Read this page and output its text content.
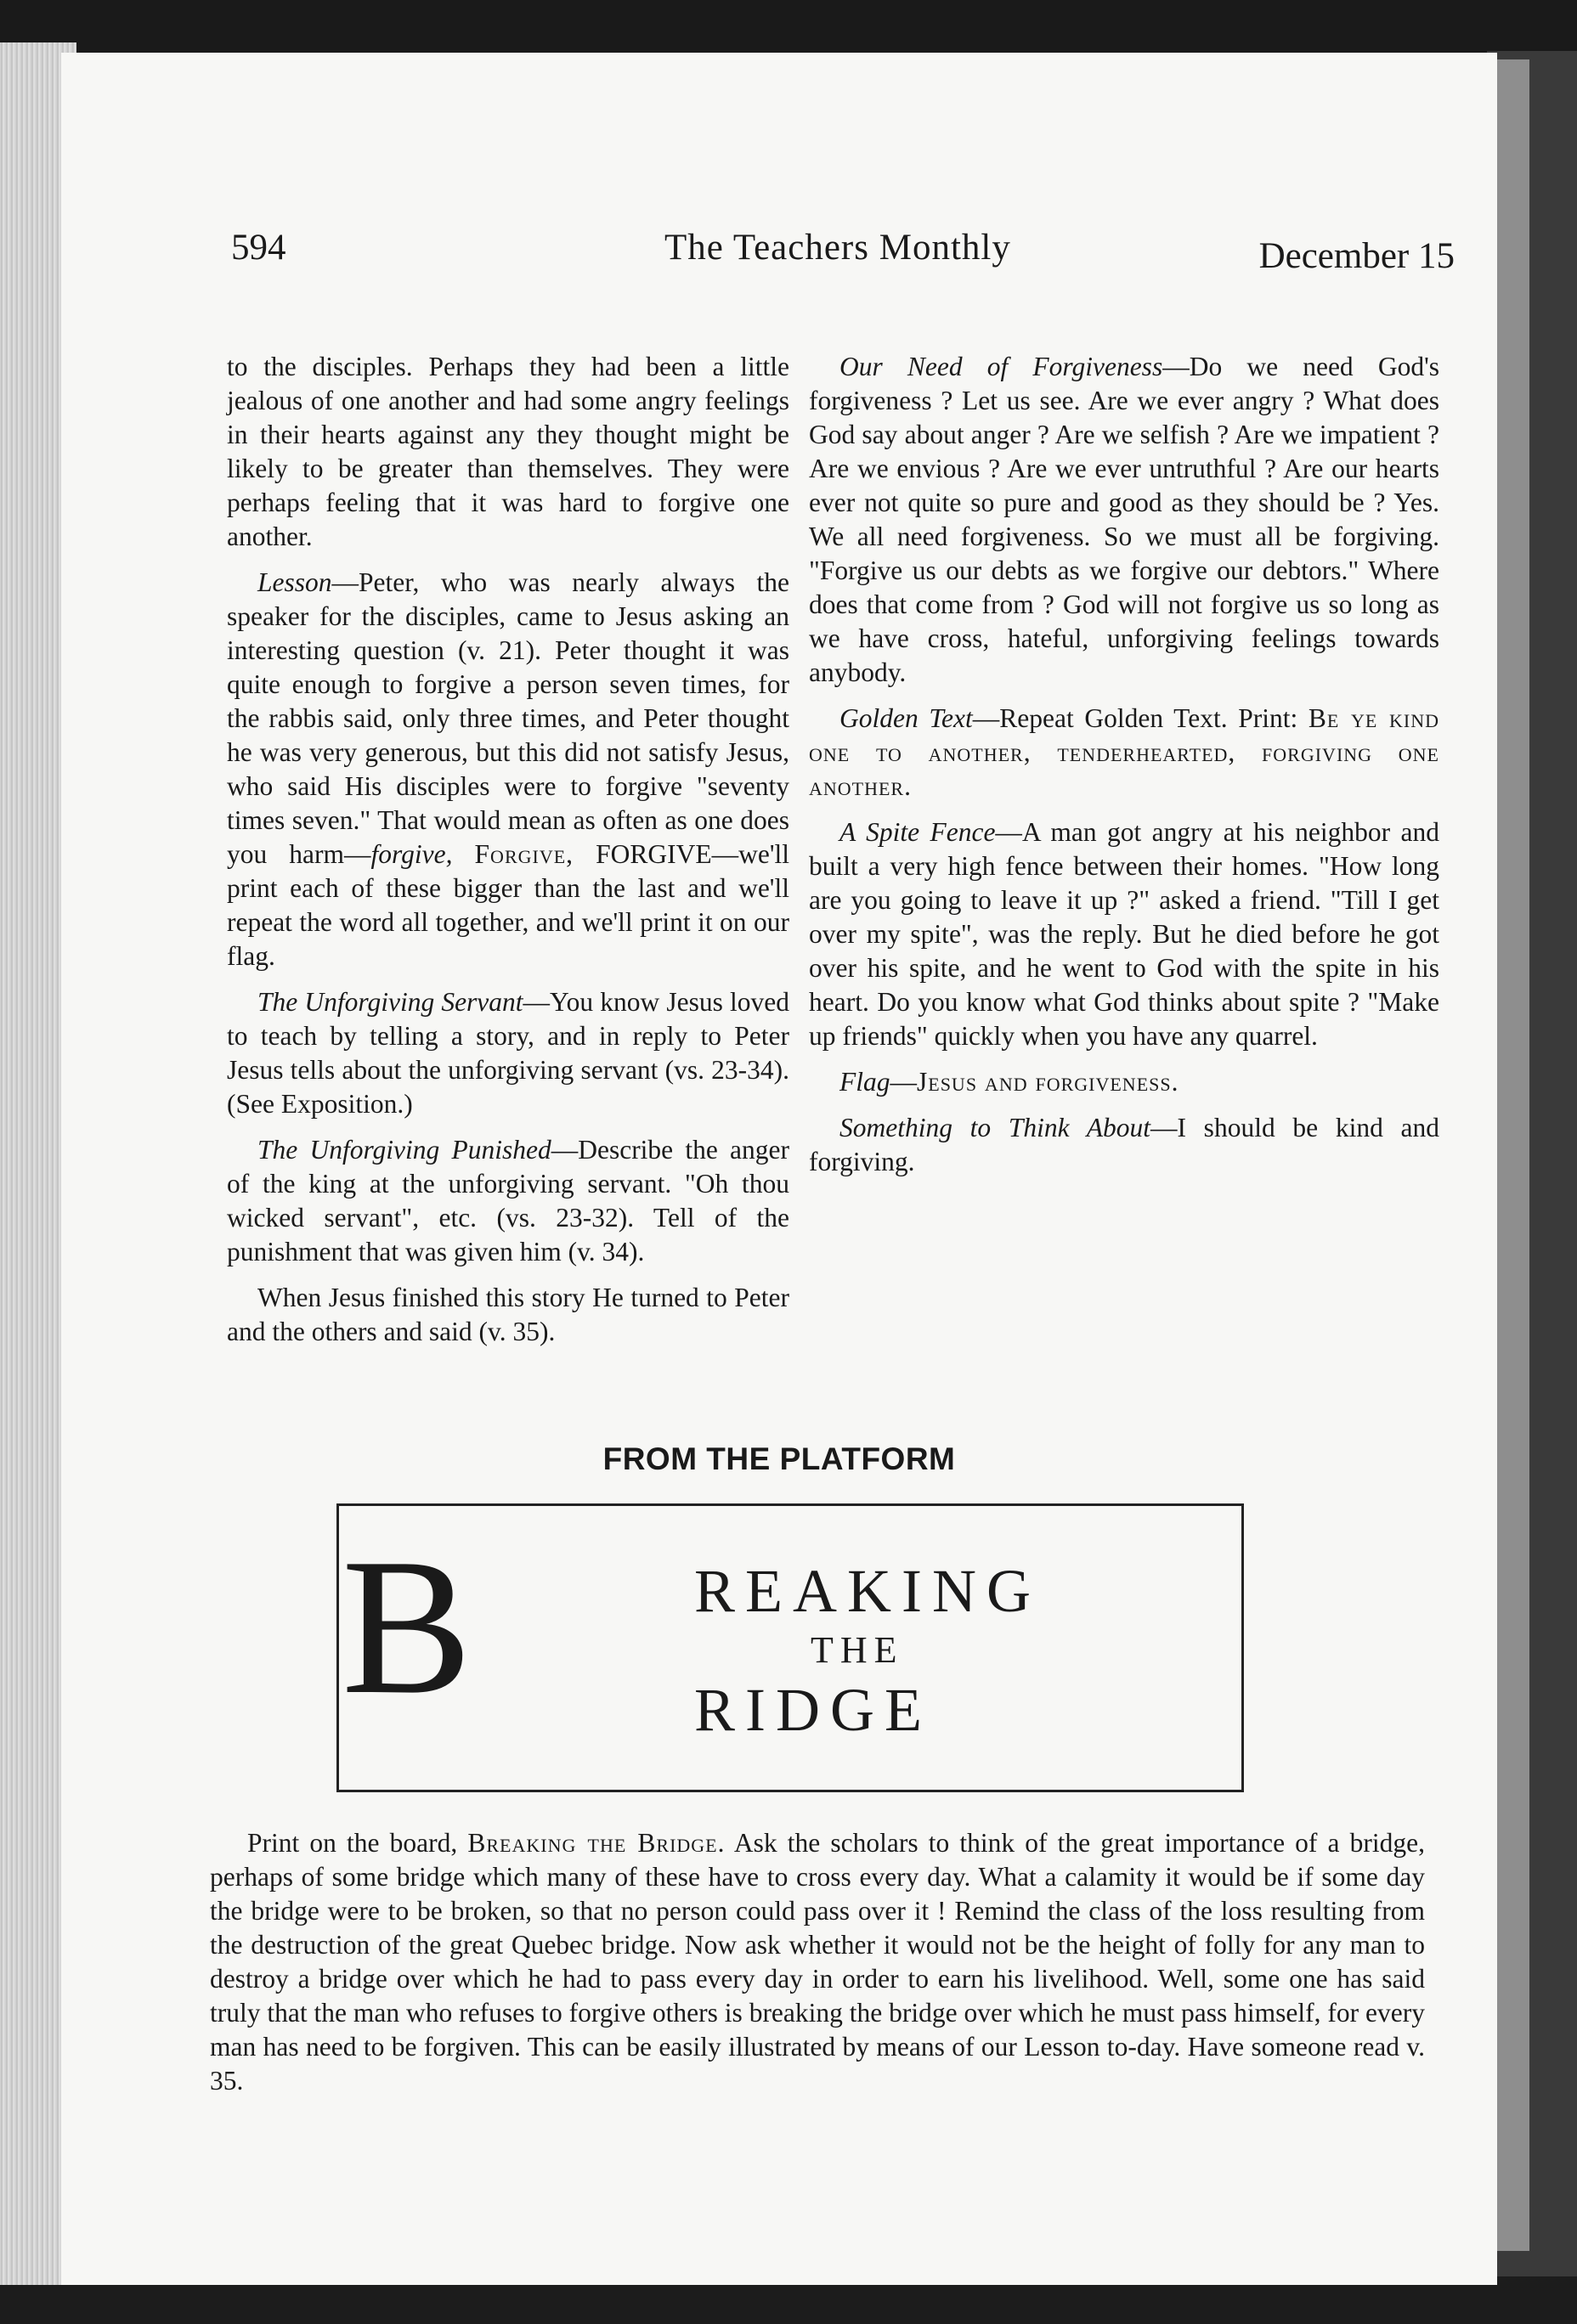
594	The Teachers Monthly	December 15

to the disciples. Perhaps they had been a little jealous of one another and had some angry feelings in their hearts against any they thought might be likely to be greater than themselves. They were perhaps feeling that it was hard to forgive one another.

Lesson—Peter, who was nearly always the speaker for the disciples, came to Jesus asking an interesting question (v. 21). Peter thought it was quite enough to forgive a person seven times, for the rabbis said, only three times, and Peter thought he was very generous, but this did not satisfy Jesus, who said His disciples were to forgive "seventy times seven." That would mean as often as one does you harm—forgive, Forgive, FORGIVE—we'll print each of these bigger than the last and we'll repeat the word all together, and we'll print it on our flag.

The Unforgiving Servant—You know Jesus loved to teach by telling a story, and in reply to Peter Jesus tells about the unforgiving servant (vs. 23-34). (See Exposition.)

The Unforgiving Punished—Describe the anger of the king at the unforgiving servant. "Oh thou wicked servant", etc. (vs. 23-32). Tell of the punishment that was given him (v. 34).

When Jesus finished this story He turned to Peter and the others and said (v. 35).

Our Need of Forgiveness—Do we need God's forgiveness ? Let us see. Are we ever angry ? What does God say about anger ? Are we selfish ? Are we impatient ? Are we envious ? Are we ever untruthful ? Are our hearts ever not quite so pure and good as they should be ? Yes. We all need forgiveness. So we must all be forgiving. "Forgive us our debts as we forgive our debtors." Where does that come from ? God will not forgive us so long as we have cross, hateful, unforgiving feelings towards anybody.

Golden Text—Repeat Golden Text. Print: Be ye kind one to another, tenderhearted, forgiving one another.

A Spite Fence—A man got angry at his neighbor and built a very high fence between their homes. "How long are you going to leave it up ?" asked a friend. "Till I get over my spite", was the reply. But he died before he got over his spite, and he went to God with the spite in his heart. Do you know what God thinks about spite ? "Make up friends" quickly when you have any quarrel.

Flag—Jesus and forgiveness.

Something to Think About—I should be kind and forgiving.

FROM THE PLATFORM
B	REAKING
THE
RIDGE

Print on the board, Breaking the Bridge. Ask the scholars to think of the great importance of a bridge, perhaps of some bridge which many of these have to cross every day. What a calamity it would be if some day the bridge were to be broken, so that no person could pass over it ! Remind the class of the loss resulting from the destruction of the great Quebec bridge. Now ask whether it would not be the height of folly for any man to destroy a bridge over which he had to pass every day in order to earn his livelihood. Well, some one has said truly that the man who refuses to forgive others is breaking the bridge over which he must pass himself, for every man has need to be forgiven. This can be easily illustrated by means of our Lesson to-day. Have someone read v. 35.
